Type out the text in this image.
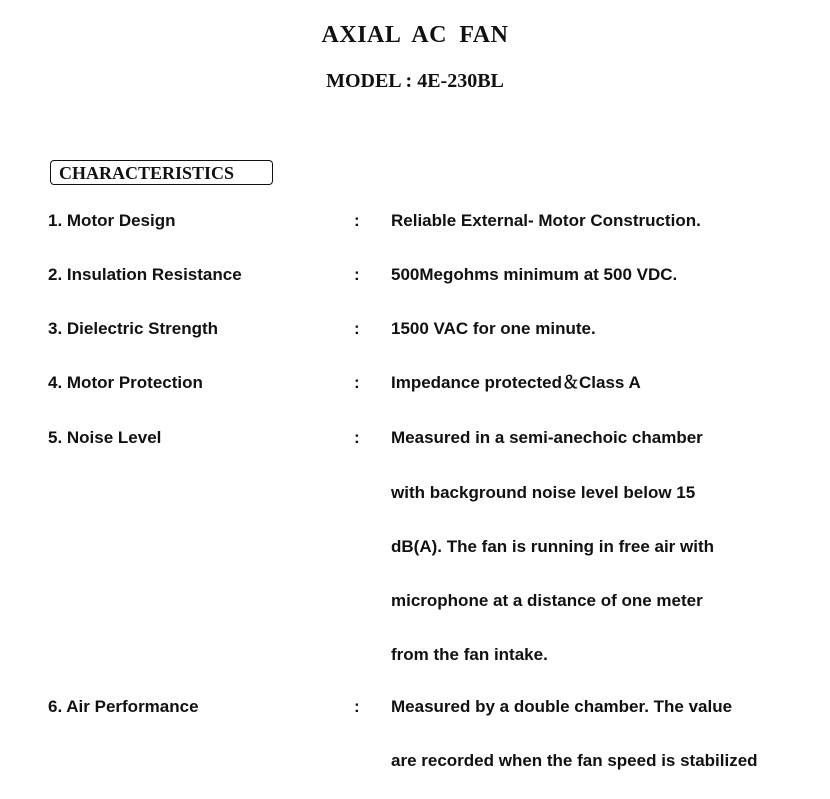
AXIAL AC FAN
MODEL : 4E-230BL
CHARACTERISTICS
1. Motor Design	: Reliable External- Motor Construction.
2. Insulation Resistance	: 500Megohms minimum at 500 VDC.
3. Dielectric Strength	: 1500 VAC for one minute.
4. Motor Protection	: Impedance protected＆Class A
5. Noise Level	: Measured in a semi-anechoic chamber
with background noise level below 15
dB(A). The fan is running in free air with
microphone at a distance of one meter
from the fan intake.
6. Air Performance	: Measured by a double chamber. The value
are recorded when the fan speed is stabilized
